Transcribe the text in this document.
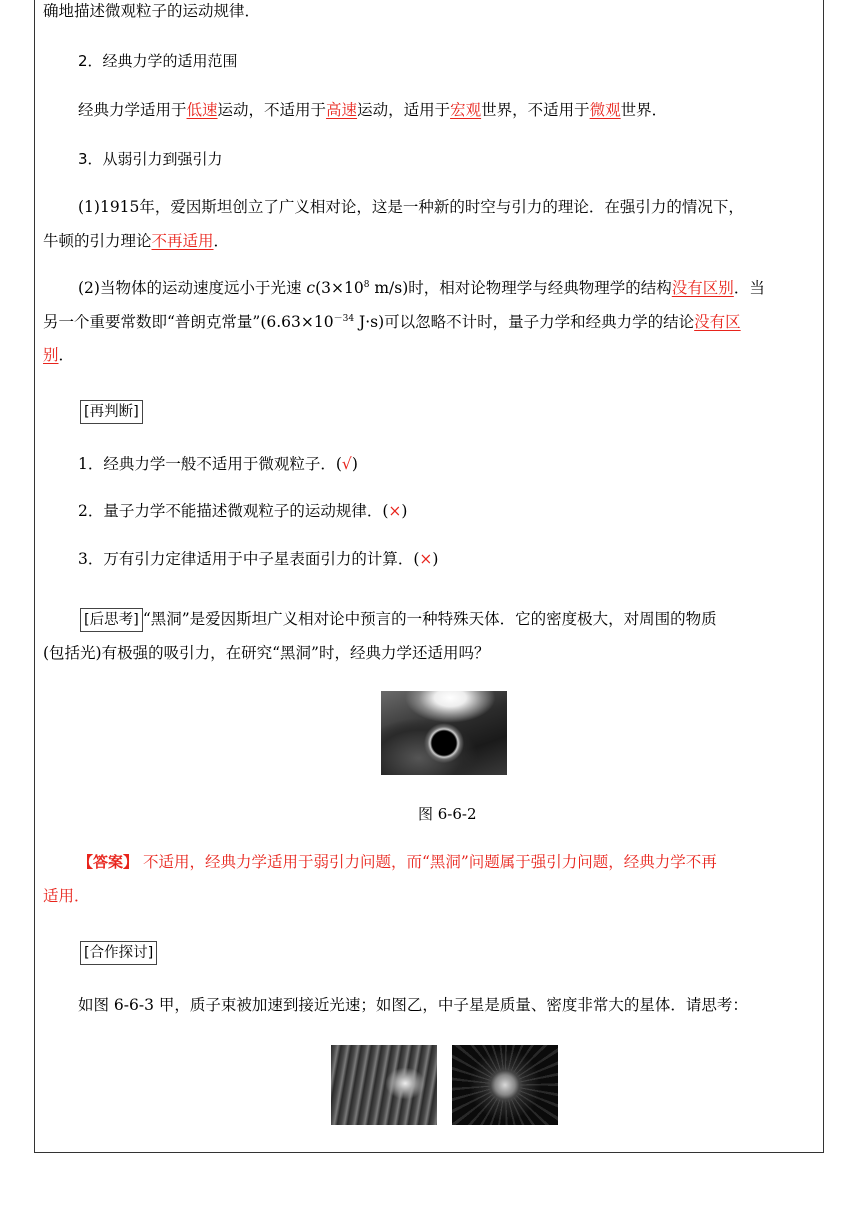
确地描述微观粒子的运动规律．
2．经典力学的适用范围
经典力学适用于低速运动，不适用于高速运动，适用于宏观世界，不适用于微观世界．
3．从弱引力到强引力
(1)1915年，爱因斯坦创立了广义相对论，这是一种新的时空与引力的理论．在强引力的情况下，
牛顿的引力理论不再适用．
(2)当物体的运动速度远小于光速 $c(3\times 10^8$ m/s)时，相对论物理学与经典物理学的结构没有区别．当
另一个重要常数即“普朗克常量$”(6.63\times 10^{-34}$ J·s)可以忽略不计时，量子力学和经典力学的结论没有区
别．
[再判断]
1．经典力学一般不适用于微观粒子．(√)
2．量子力学不能描述微观粒子的运动规律．(×)
3．万有引力定律适用于中子星表面引力的计算．(×)
[后思考] “黑洞”是爱因斯坦广义相对论中预言的一种特殊天体．它的密度极大，对周围的物质
(包括光)有极强的吸引力，在研究“黑洞”时，经典力学还适用吗？
图 6-6-2
【答案】 不适用，经典力学适用于弱引力问题，而“黑洞”问题属于强引力问题，经典力学不再
适用．
[合作探讨]
如图 6-6-3 甲，质子束被加速到接近光速；如图乙，中子星是质量、密度非常大的星体．请思考：
